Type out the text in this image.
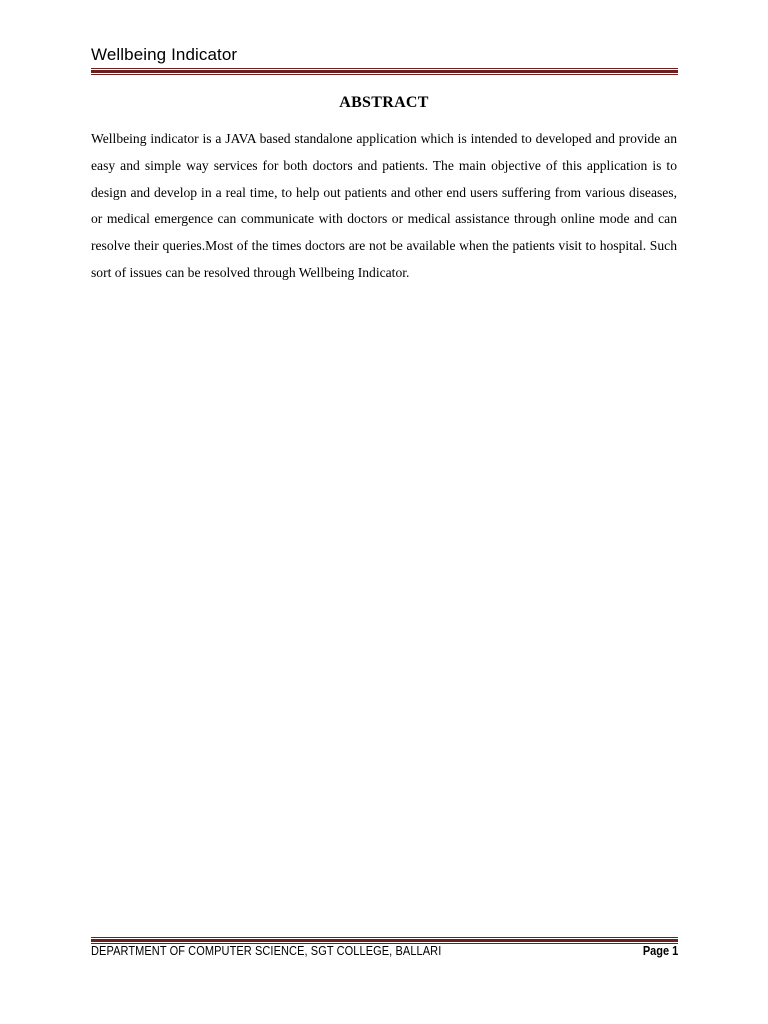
Wellbeing Indicator
ABSTRACT

Wellbeing indicator is a JAVA based standalone application which is intended to developed and provide an easy and simple way services for both doctors and patients. The main objective of this application is to design and develop in a real time, to help out patients and other end users suffering from various diseases, or medical emergence can communicate with doctors or medical assistance through online mode and can resolve their queries.Most of the times doctors are not be available when the patients visit to hospital. Such sort of issues can be resolved through Wellbeing Indicator.

DEPARTMENT OF COMPUTER SCIENCE, SGT COLLEGE, BALLARI	Page 1
